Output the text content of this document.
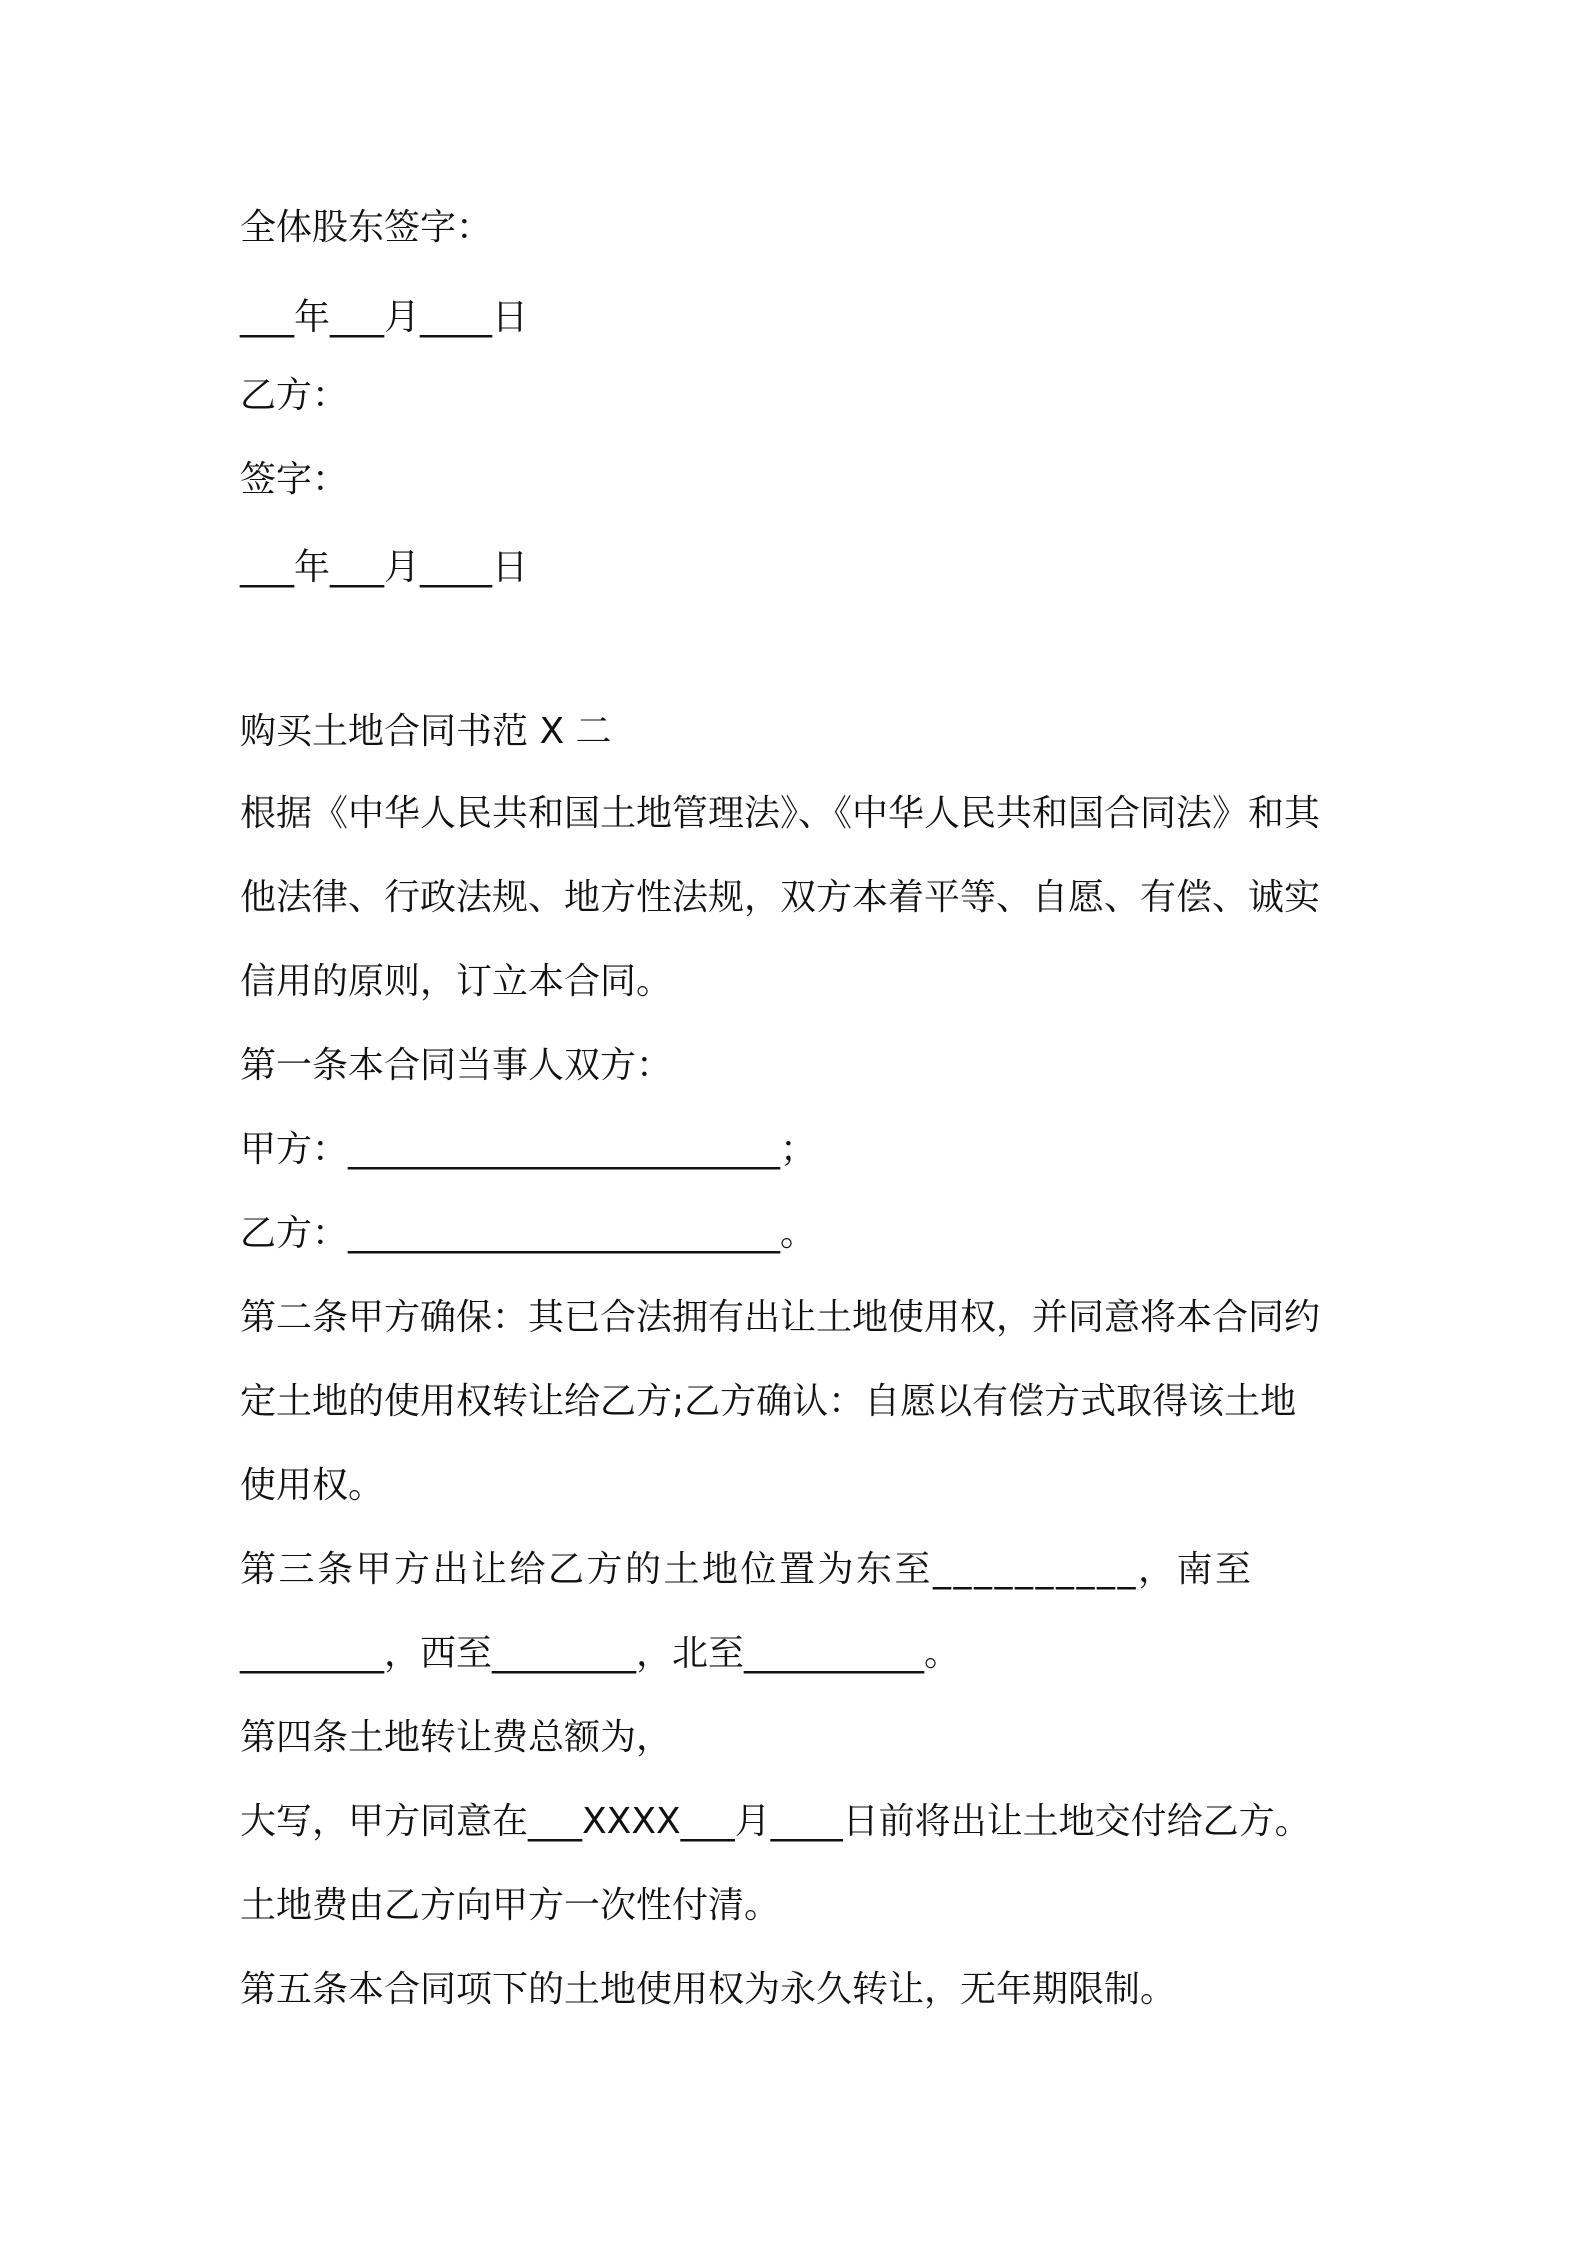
全体股东签字：
___年___月____日
乙方：
签字：
___年___月____日
购买土地合同书范 X 二
根据《中华人民共和国土地管理法》、《中华人民共和国合同法》和其
他法律、行政法规、地方性法规，双方本着平等、自愿、有偿、诚实
信用的原则，订立本合同。
第一条本合同当事人双方：
甲方：________________________；
乙方：________________________。
第二条甲方确保：其已合法拥有出让土地使用权，并同意将本合同约
定土地的使用权转让给乙方;乙方确认：自愿以有偿方式取得该土地
使用权。
第三条甲方出让给乙方的土地位置为东至__________，南至
________，西至________，北至__________。
第四条土地转让费总额为，
大写，甲方同意在___XXXX___月____日前将出让土地交付给乙方。
土地费由乙方向甲方一次性付清。
第五条本合同项下的土地使用权为永久转让，无年期限制。
